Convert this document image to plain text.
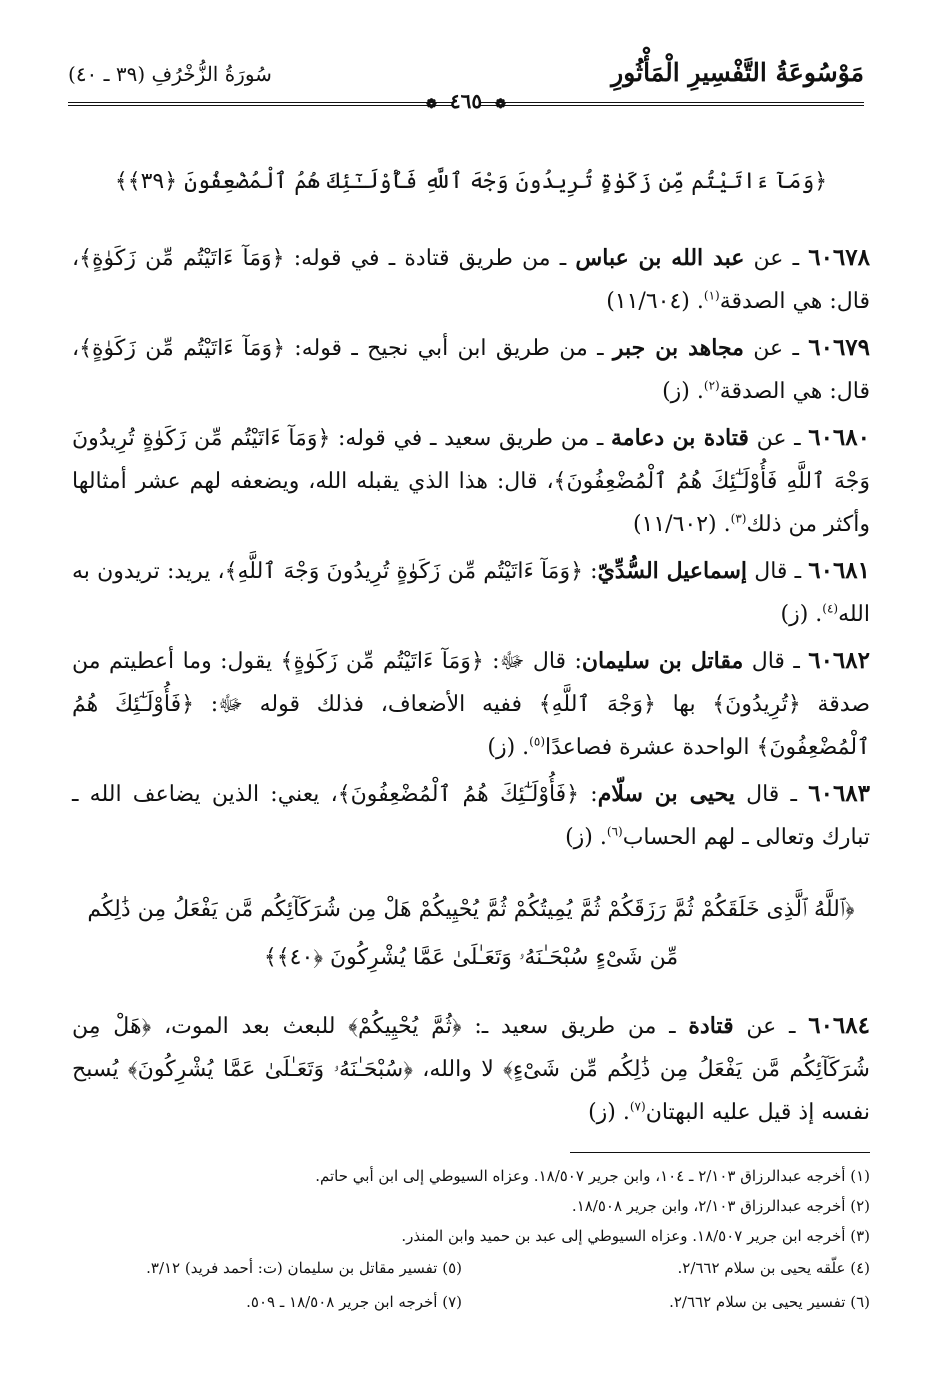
مَوْسُوعَةُ التَّفْسِيرِ الْمَأْثُورِ
سُورَةُ الزُّخْرُفِ (٣٩ ـ ٤٠)
❁ ٤٦٥ ❁
﴿وَمَآ ءَاتَيْتُم مِّن زَكَوٰةٍ تُرِيدُونَ وَجْهَ ٱللَّهِ فَأُوْلَـٰٓئِكَ هُمُ ٱلْمُضْعِفُونَ ﴿٣٩﴾﴾

٦٠٦٧٨ ـ عن عبد الله بن عباس ـ من طريق قتادة ـ في قوله: ﴿وَمَآ ءَاتَيْتُم مِّن زَكَوٰةٍ﴾، قال: هي الصدقة$^{(١)}$. (١١/٦٠٤)

٦٠٦٧٩ ـ عن مجاهد بن جبر ـ من طريق ابن أبي نجيح ـ قوله: ﴿وَمَآ ءَاتَيْتُم مِّن زَكَوٰةٍ﴾، قال: هي الصدقة$^{(٢)}$. (ز)

٦٠٦٨٠ ـ عن قتادة بن دعامة ـ من طريق سعيد ـ في قوله: ﴿وَمَآ ءَاتَيْتُم مِّن زَكَوٰةٍ تُرِيدُونَ وَجْهَ ٱللَّهِ فَأُوْلَـٰٓئِكَ هُمُ ٱلْمُضْعِفُونَ﴾، قال: هذا الذي يقبله الله، ويضعفه لهم عشر أمثالها وأكثر من ذلك$^{(٣)}$. (١١/٦٠٢)

٦٠٦٨١ ـ قال إسماعيل السُّدِّيّ: ﴿وَمَآ ءَاتَيْتُم مِّن زَكَوٰةٍ تُرِيدُونَ وَجْهَ ٱللَّهِ﴾، يريد: تريدون به الله$^{(٤)}$. (ز)

٦٠٦٨٢ ـ قال مقاتل بن سليمان: قال ﷻ: ﴿وَمَآ ءَاتَيْتُم مِّن زَكَوٰةٍ﴾ يقول: وما أعطيتم من صدقة ﴿تُرِيدُونَ﴾ بها ﴿وَجْهَ ٱللَّهِ﴾ ففيه الأضعاف، فذلك قوله ﷻ: ﴿فَأُوْلَـٰٓئِكَ هُمُ ٱلْمُضْعِفُونَ﴾ الواحدة عشرة فصاعدًا$^{(٥)}$. (ز)

٦٠٦٨٣ ـ قال يحيى بن سلّام: ﴿فَأُوْلَـٰٓئِكَ هُمُ ٱلْمُضْعِفُونَ﴾، يعني: الذين يضاعف الله ـ تبارك وتعالى ـ لهم الحساب$^{(٦)}$. (ز)

﴿ٱللَّهُ ٱلَّذِى خَلَقَكُمْ ثُمَّ رَزَقَكُمْ ثُمَّ يُمِيتُكُمْ ثُمَّ يُحْيِيكُمْ هَلْ مِن شُرَكَآئِكُم مَّن يَفْعَلُ مِن ذَٰلِكُم مِّن شَىْءٍ سُبْحَـٰنَهُۥ وَتَعَـٰلَىٰ عَمَّا يُشْرِكُونَ ﴿٤٠﴾﴾

٦٠٦٨٤ ـ عن قتادة ـ من طريق سعيد ـ: ﴿ثُمَّ يُحْيِيكُمْ﴾ للبعث بعد الموت، ﴿هَلْ مِن شُرَكَآئِكُم مَّن يَفْعَلُ مِن ذَٰلِكُم مِّن شَىْءٍ﴾ لا والله، ﴿سُبْحَـٰنَهُۥ وَتَعَـٰلَىٰ عَمَّا يُشْرِكُونَ﴾ يُسبح نفسه إذ قيل عليه البهتان$^{(٧)}$. (ز)

(١) أخرجه عبدالرزاق ٢/١٠٣ ـ ١٠٤، وابن جرير ١٨/٥٠٧. وعزاه السيوطي إلى ابن أبي حاتم.
(٢) أخرجه عبدالرزاق ٢/١٠٣، وابن جرير ١٨/٥٠٨.
(٣) أخرجه ابن جرير ١٨/٥٠٧. وعزاه السيوطي إلى عبد بن حميد وابن المنذر.
(٤) علّقه يحيى بن سلام ٢/٦٦٢.
(٥) تفسير مقاتل بن سليمان (ت: أحمد فريد) ٣/١٢.
(٦) تفسير يحيى بن سلام ٢/٦٦٢.
(٧) أخرجه ابن جرير ١٨/٥٠٨ ـ ٥٠٩.
